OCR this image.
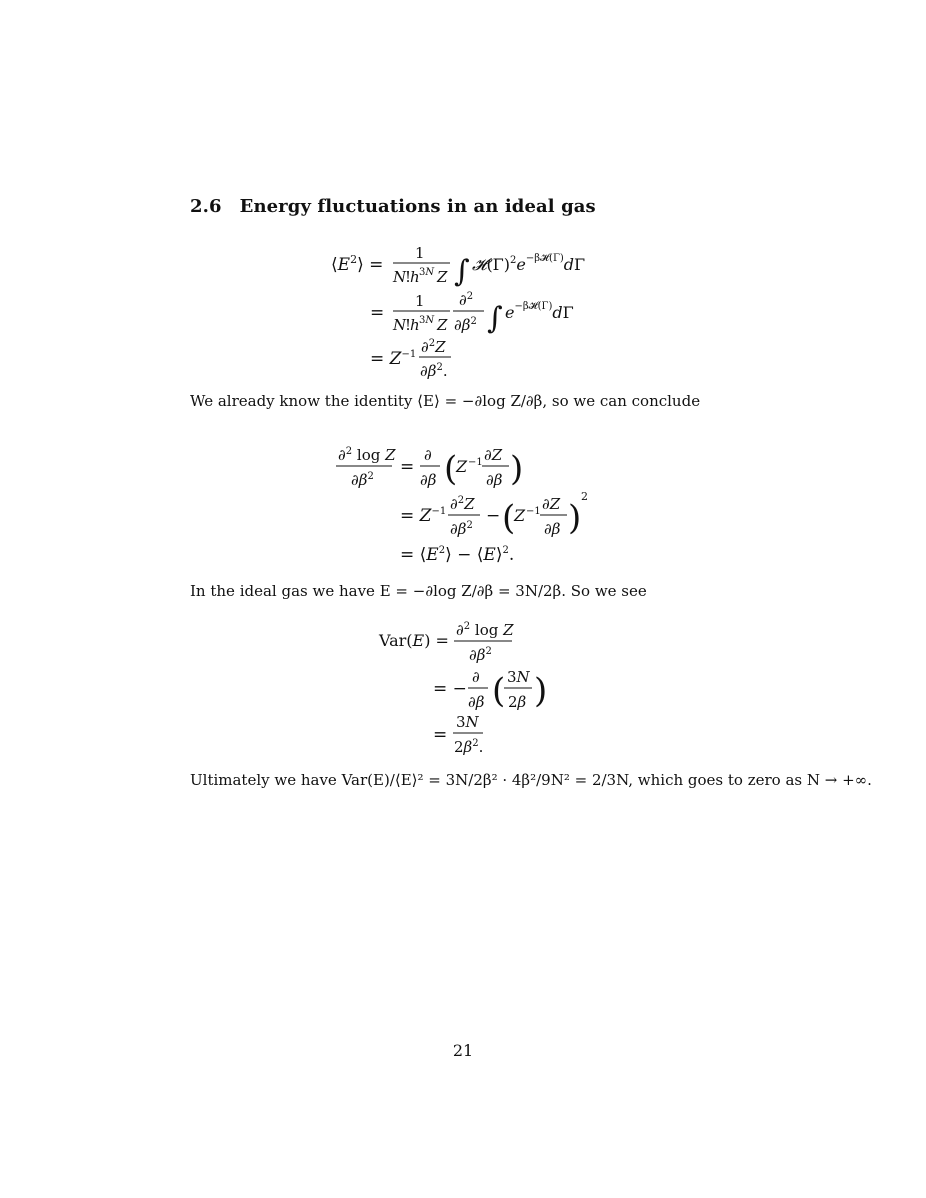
2.6 Energy fluctuations in an ideal gas
$⟨E^2⟩$ =
1
N
!
h 3N Z ∫ $𝓗(\Gamma)^2e^{-\beta 𝓗(\Gamma)}d\Gamma$
=
1
N
!
h 3N Z
∂$^2$
$\partial\beta^2$ ∫ $e^{-\beta 𝓗(\Gamma)}d\Gamma$
= $Z^{-1}$ ∂$^2$Z
$\partial\beta^2$.
We already know the identity ⟨E⟩ = −∂log Z/∂β, so we can conclude
∂$^2$ log Z
$\partial\beta^2$ =
∂
∂β (
Z −1 ∂Z
∂β )
= $Z^{-1}$ ∂$^2$Z
$\partial\beta^2$ − (
Z −1 ∂Z
∂β )
2
= $⟨E^2⟩$ − ⟨E⟩$^2$.
In the ideal gas we have E = −∂log Z/∂β = 3N/2β. So we see
Var(E) =
∂$^2$ log Z
$\partial\beta^2$
= −
∂
∂β ( 3N
2β )
=
3N
$2\beta^2$.
Ultimately we have Var(E)/⟨E⟩² = 3N/2β² · 4β²/9N² = 2/3N, which goes to zero as N → +∞.
21
